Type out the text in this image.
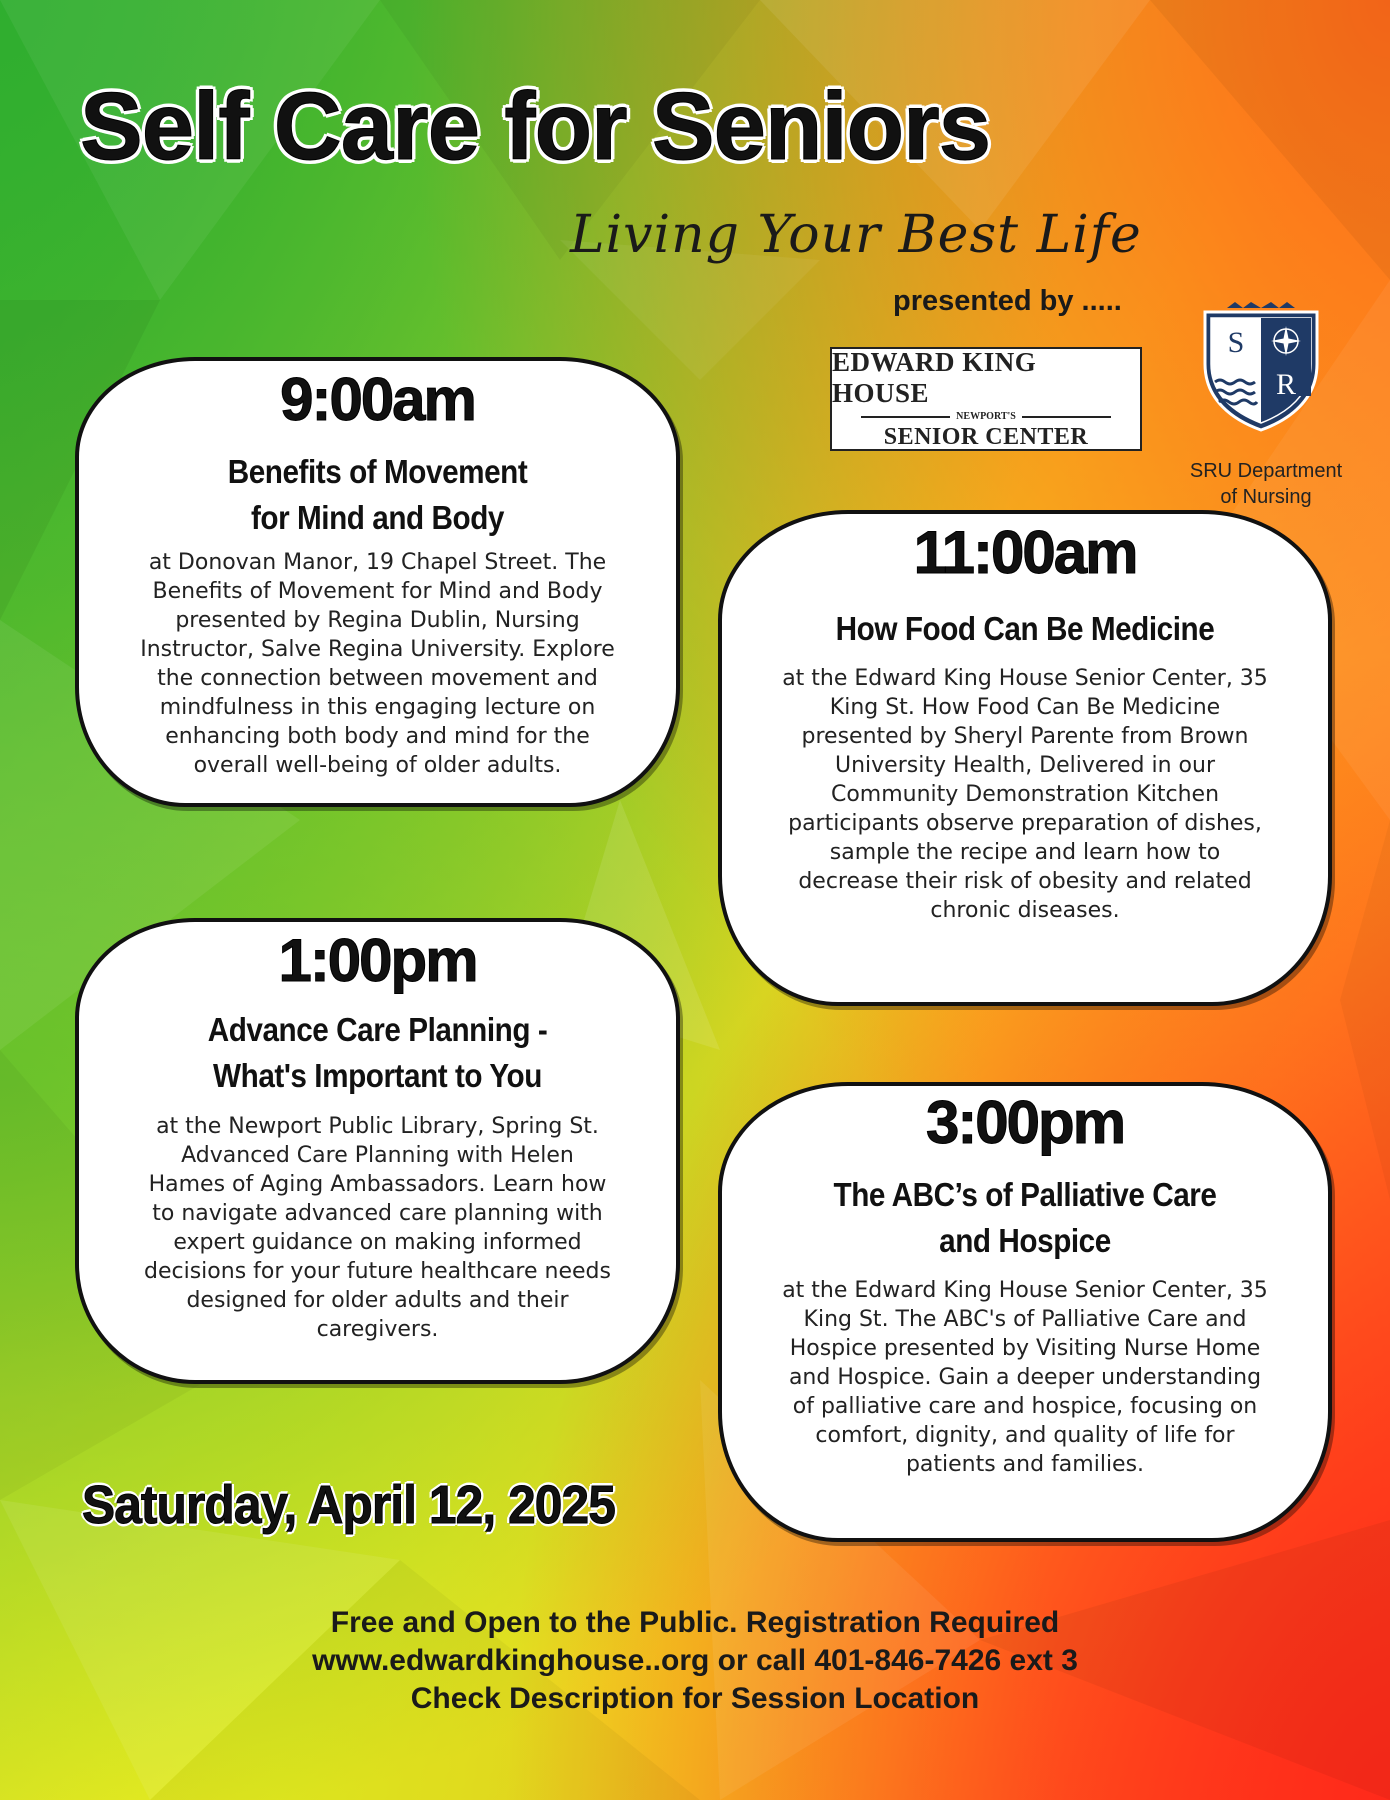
Self Care for Seniors
Living Your Best Life
presented by .....
EDWARD KING HOUSE
NEWPORT'S
SENIOR CENTER
S
R
SRU Department
of Nursing
9:00am
Benefits of Movement
for Mind and Body
at Donovan Manor, 19 Chapel Street. The
Benefits of Movement for Mind and Body
presented by Regina Dublin, Nursing
Instructor, Salve Regina University. Explore
the connection between movement and
mindfulness in this engaging lecture on
enhancing both body and mind for the
overall well-being of older adults.
11:00am
How Food Can Be Medicine
at the Edward King House Senior Center, 35
King St. How Food Can Be Medicine
presented by Sheryl Parente from Brown
University Health, Delivered in our
Community Demonstration Kitchen
participants observe preparation of dishes,
sample the recipe and learn how to
decrease their risk of obesity and related
chronic diseases.
1:00pm
Advance Care Planning -
What's Important to You
at the Newport Public Library, Spring St.
Advanced Care Planning with Helen
Hames of Aging Ambassadors. Learn how
to navigate advanced care planning with
expert guidance on making informed
decisions for your future healthcare needs
designed for older adults and their
caregivers.
3:00pm
The ABC’s of Palliative Care
and Hospice
at the Edward King House Senior Center, 35
King St. The ABC's of Palliative Care and
Hospice presented by Visiting Nurse Home
and Hospice. Gain a deeper understanding
of palliative care and hospice, focusing on
comfort, dignity, and quality of life for
patients and families.
Saturday, April 12, 2025
Free and Open to the Public. Registration Required
www.edwardkinghouse..org or call 401-846-7426 ext 3
Check Description for Session Location
